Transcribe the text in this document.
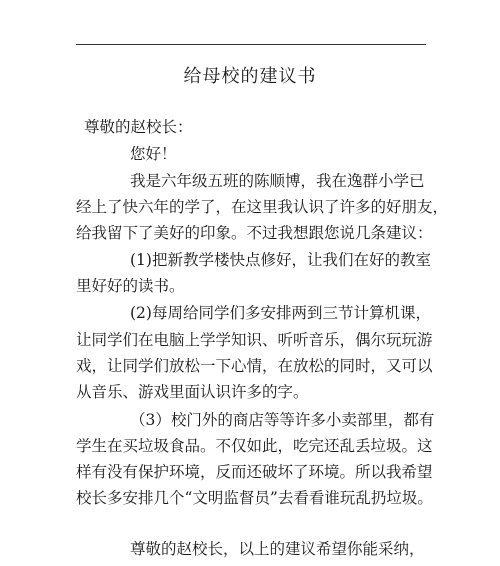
给母校的建议书
尊敬的赵校长：
您好！
我是六年级五班的陈顺博，我在逸群小学已
经上了快六年的学了，在这里我认识了许多的好朋友，
给我留下了美好的印象。不过我想跟您说几条建议：
(1)把新教学楼快点修好，让我们在好的教室
里好好的读书。
(2)每周给同学们多安排两到三节计算机课，
让同学们在电脑上学学知识、听听音乐，偶尔玩玩游
戏，让同学们放松一下心情，在放松的同时，又可以
从音乐、游戏里面认识许多的字。
（3）校门外的商店等等许多小卖部里，都有
学生在买垃圾食品。不仅如此，吃完还乱丢垃圾。这
样有没有保护环境，反而还破坏了环境。所以我希望
校长多安排几个“文明监督员”去看看谁玩乱扔垃圾。
尊敬的赵校长，以上的建议希望你能采纳，
